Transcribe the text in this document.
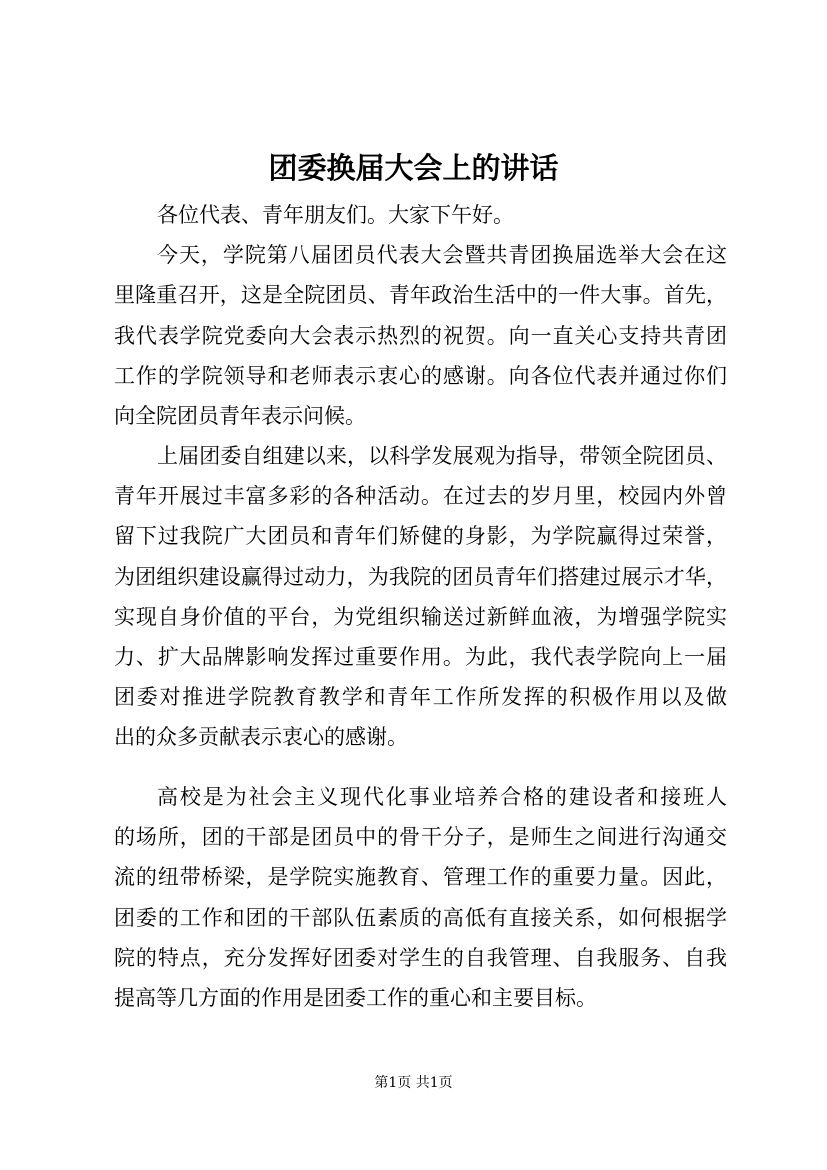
团委换届大会上的讲话
各位代表、青年朋友们。大家下午好。
今天，学院第八届团员代表大会暨共青团换届选举大会在这
里隆重召开，这是全院团员、青年政治生活中的一件大事。首先，
我代表学院党委向大会表示热烈的祝贺。向一直关心支持共青团
工作的学院领导和老师表示衷心的感谢。向各位代表并通过你们
向全院团员青年表示问候。
上届团委自组建以来，以科学发展观为指导，带领全院团员、
青年开展过丰富多彩的各种活动。在过去的岁月里，校园内外曾
留下过我院广大团员和青年们矫健的身影，为学院赢得过荣誉，
为团组织建设赢得过动力，为我院的团员青年们搭建过展示才华，
实现自身价值的平台，为党组织输送过新鲜血液，为增强学院实
力、扩大品牌影响发挥过重要作用。为此，我代表学院向上一届
团委对推进学院教育教学和青年工作所发挥的积极作用以及做
出的众多贡献表示衷心的感谢。
高校是为社会主义现代化事业培养合格的建设者和接班人
的场所，团的干部是团员中的骨干分子，是师生之间进行沟通交
流的纽带桥梁，是学院实施教育、管理工作的重要力量。因此，
团委的工作和团的干部队伍素质的高低有直接关系，如何根据学
院的特点，充分发挥好团委对学生的自我管理、自我服务、自我
提高等几方面的作用是团委工作的重心和主要目标。
第1页 共1页
